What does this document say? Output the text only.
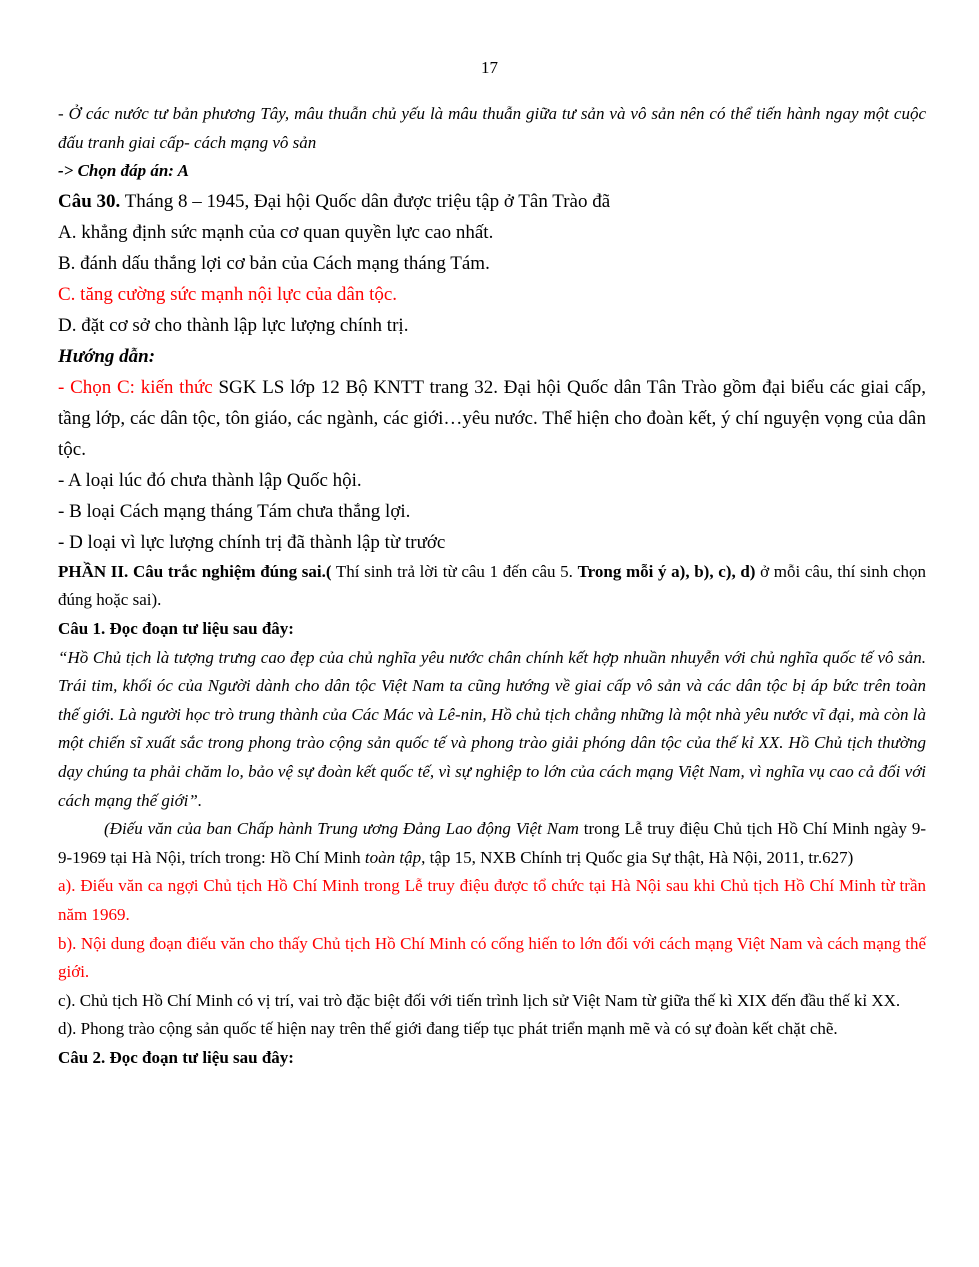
17

- Ở các nước tư bản phương Tây, mâu thuẫn chủ yếu là mâu thuẫn giữa tư sản và vô sản nên có thể tiến hành ngay một cuộc đấu tranh giai cấp- cách mạng vô sản

-> Chọn đáp án: A

Câu 30. Tháng 8 – 1945, Đại hội Quốc dân được triệu tập ở Tân Trào đã

A. khẳng định sức mạnh của cơ quan quyền lực cao nhất.

B. đánh dấu thắng lợi cơ bản của Cách mạng tháng Tám.

C. tăng cường sức mạnh nội lực của dân tộc.

D. đặt cơ sở cho thành lập lực lượng chính trị.

Hướng dẫn:

- Chọn C: kiến thức SGK LS lớp 12 Bộ KNTT trang 32. Đại hội Quốc dân Tân Trào gồm đại biểu các giai cấp, tầng lớp, các dân tộc, tôn giáo, các ngành, các giới…yêu nước. Thể hiện cho đoàn kết, ý chí nguyện vọng của dân tộc.

- A loại lúc đó chưa thành lập Quốc hội.

- B loại Cách mạng tháng Tám chưa thắng lợi.

- D loại vì lực lượng chính trị đã thành lập từ trước

PHẦN II. Câu trắc nghiệm đúng sai.( Thí sinh trả lời từ câu 1 đến câu 5. Trong mỗi ý a), b), c), d) ở mỗi câu, thí sinh chọn đúng hoặc sai).

Câu 1. Đọc đoạn tư liệu sau đây:

“Hồ Chủ tịch là tượng trưng cao đẹp của chủ nghĩa yêu nước chân chính kết hợp nhuần nhuyễn với chủ nghĩa quốc tế vô sản. Trái tim, khối óc của Người dành cho dân tộc Việt Nam ta cũng hướng về giai cấp vô sản và các dân tộc bị áp bức trên toàn thế giới. Là người học trò trung thành của Các Mác và Lê-nin, Hồ chủ tịch chẳng những là một nhà yêu nước vĩ đại, mà còn là một chiến sĩ xuất sắc trong phong trào cộng sản quốc tế và phong trào giải phóng dân tộc của thế kỉ XX. Hồ Chủ tịch thường dạy chúng ta phải chăm lo, bảo vệ sự đoàn kết quốc tế, vì sự nghiệp to lớn của cách mạng Việt Nam, vì nghĩa vụ cao cả đối với cách mạng thế giới”.

(Điếu văn của ban Chấp hành Trung ương Đảng Lao động Việt Nam trong Lễ truy điệu Chủ tịch Hồ Chí Minh ngày 9-9-1969 tại Hà Nội, trích trong: Hồ Chí Minh toàn tập, tập 15, NXB Chính trị Quốc gia Sự thật, Hà Nội, 2011, tr.627)

a). Điếu văn ca ngợi Chủ tịch Hồ Chí Minh trong Lễ truy điệu được tổ chức tại Hà Nội sau khi Chủ tịch Hồ Chí Minh từ trần năm 1969.

b). Nội dung đoạn điếu văn cho thấy Chủ tịch Hồ Chí Minh có cống hiến to lớn đối với cách mạng Việt Nam và cách mạng thế giới.

c). Chủ tịch Hồ Chí Minh có vị trí, vai trò đặc biệt đối với tiến trình lịch sử Việt Nam từ giữa thế kì XIX đến đầu thế kỉ XX.

d). Phong trào cộng sản quốc tế hiện nay trên thế giới đang tiếp tục phát triển mạnh mẽ và có sự đoàn kết chặt chẽ.

Câu 2. Đọc đoạn tư liệu sau đây:
